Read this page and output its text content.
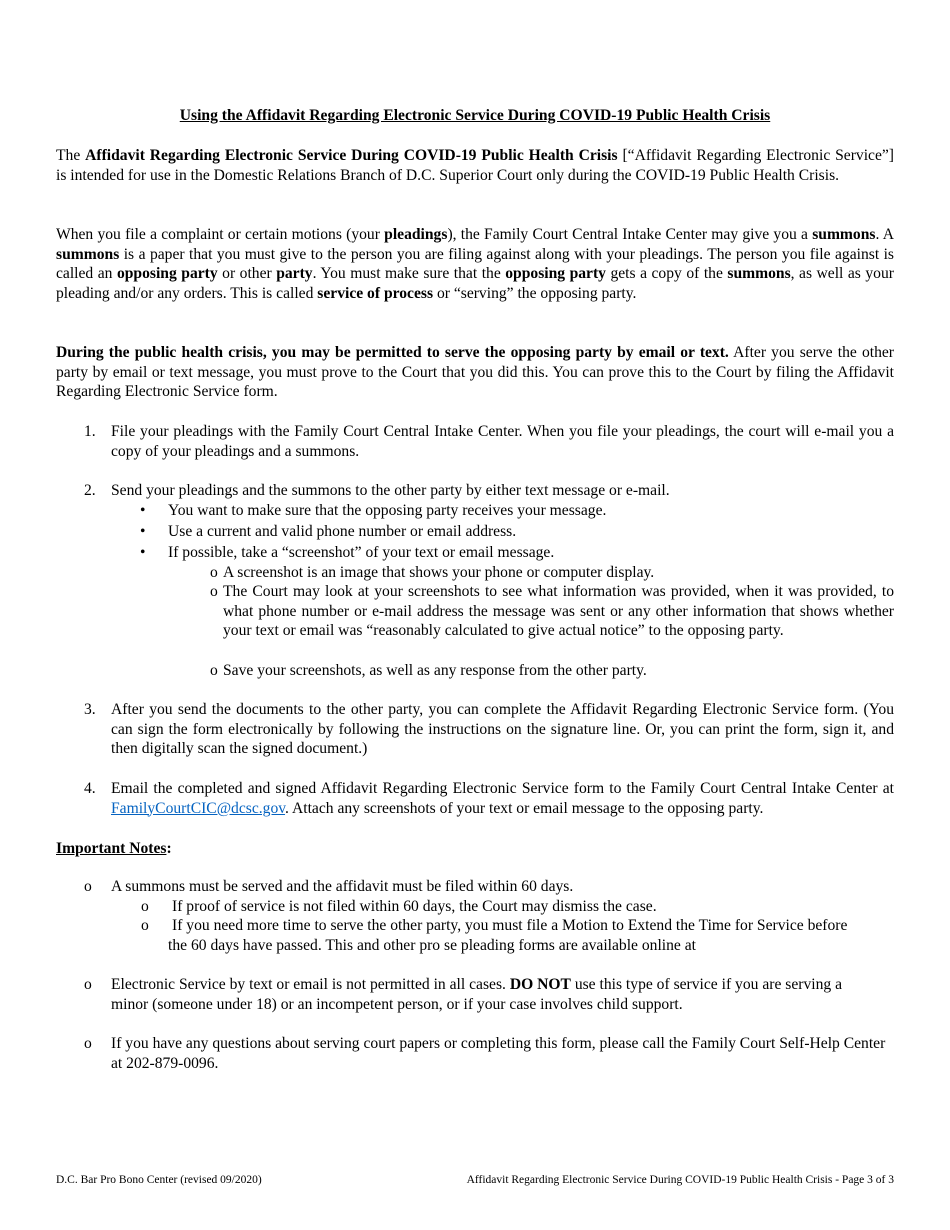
Using the Affidavit Regarding Electronic Service During COVID-19 Public Health Crisis
The Affidavit Regarding Electronic Service During COVID-19 Public Health Crisis [“Affidavit Regarding Electronic Service”] is intended for use in the Domestic Relations Branch of D.C. Superior Court only during the COVID-19 Public Health Crisis.
When you file a complaint or certain motions (your pleadings), the Family Court Central Intake Center may give you a summons. A summons is a paper that you must give to the person you are filing against along with your pleadings. The person you file against is called an opposing party or other party. You must make sure that the opposing party gets a copy of the summons, as well as your pleading and/or any orders. This is called service of process or “serving” the opposing party.
During the public health crisis, you may be permitted to serve the opposing party by email or text. After you serve the other party by email or text message, you must prove to the Court that you did this. You can prove this to the Court by filing the Affidavit Regarding Electronic Service form.
1. File your pleadings with the Family Court Central Intake Center. When you file your pleadings, the court will e-mail you a copy of your pleadings and a summons.
2. Send your pleadings and the summons to the other party by either text message or e-mail.
• You want to make sure that the opposing party receives your message.
• Use a current and valid phone number or email address.
• If possible, take a “screenshot” of your text or email message.
o A screenshot is an image that shows your phone or computer display.
o The Court may look at your screenshots to see what information was provided, when it was provided, to what phone number or e-mail address the message was sent or any other information that shows whether your text or email was “reasonably calculated to give actual notice” to the opposing party.
o Save your screenshots, as well as any response from the other party.
3. After you send the documents to the other party, you can complete the Affidavit Regarding Electronic Service form. (You can sign the form electronically by following the instructions on the signature line. Or, you can print the form, sign it, and then digitally scan the signed document.)
4. Email the completed and signed Affidavit Regarding Electronic Service form to the Family Court Central Intake Center at FamilyCourtCIC@dcsc.gov. Attach any screenshots of your text or email message to the opposing party.
Important Notes:
o A summons must be served and the affidavit must be filed within 60 days.
o If proof of service is not filed within 60 days, the Court may dismiss the case.
o If you need more time to serve the other party, you must file a Motion to Extend the Time for Service before the 60 days have passed. This and other pro se pleading forms are available online at
o Electronic Service by text or email is not permitted in all cases. DO NOT use this type of service if you are serving a minor (someone under 18) or an incompetent person, or if your case involves child support.
o If you have any questions about serving court papers or completing this form, please call the Family Court Self-Help Center at 202-879-0096.
D.C. Bar Pro Bono Center (revised 09/2020)	Affidavit Regarding Electronic Service During COVID-19 Public Health Crisis - Page 3 of 3
